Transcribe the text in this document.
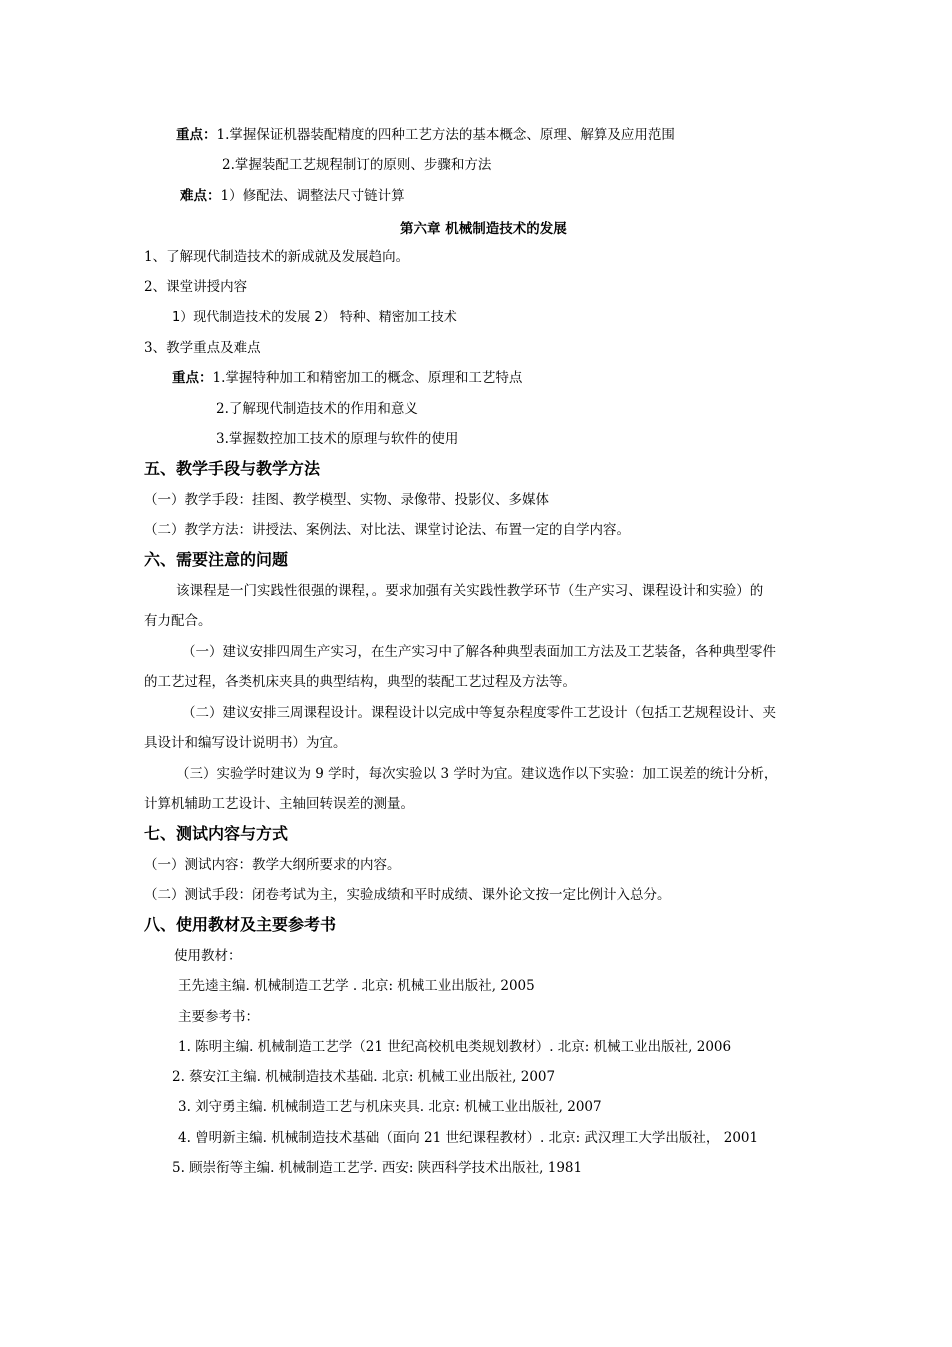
重点：1.掌握保证机器装配精度的四种工艺方法的基本概念、原理、解算及应用范围
2.掌握装配工艺规程制订的原则、步骤和方法
难点：1）修配法、调整法尺寸链计算
第六章 机械制造技术的发展
1、了解现代制造技术的新成就及发展趋向。
2、课堂讲授内容
1）现代制造技术的发展 2） 特种、精密加工技术
3、教学重点及难点
重点：1.掌握特种加工和精密加工的概念、原理和工艺特点
2.了解现代制造技术的作用和意义
3.掌握数控加工技术的原理与软件的使用
五、教学手段与教学方法
（一）教学手段：挂图、教学模型、实物、录像带、投影仪、多媒体
（二）教学方法：讲授法、案例法、对比法、课堂讨论法、布置一定的自学内容。
六、需要注意的问题
该课程是一门实践性很强的课程，。要求加强有关实践性教学环节（生产实习、课程设计和实验）的
有力配合。
（一）建议安排四周生产实习，在生产实习中了解各种典型表面加工方法及工艺装备，各种典型零件
的工艺过程，各类机床夹具的典型结构，典型的装配工艺过程及方法等。
（二）建议安排三周课程设计。课程设计以完成中等复杂程度零件工艺设计（包括工艺规程设计、夹
具设计和编写设计说明书）为宜。
（三）实验学时建议为 9 学时，每次实验以 3 学时为宜。建议选作以下实验：加工误差的统计分析，
计算机辅助工艺设计、主轴回转误差的测量。
七、测试内容与方式
（一）测试内容：教学大纲所要求的内容。
（二）测试手段：闭卷考试为主，实验成绩和平时成绩、课外论文按一定比例计入总分。
八、使用教材及主要参考书
使用教材：
王先逵主编. 机械制造工艺学 . 北京: 机械工业出版社, 2005
主要参考书：
1. 陈明主编. 机械制造工艺学（21 世纪高校机电类规划教材）. 北京: 机械工业出版社, 2006
2. 蔡安江主编. 机械制造技术基础. 北京: 机械工业出版社, 2007
3. 刘守勇主编. 机械制造工艺与机床夹具. 北京: 机械工业出版社, 2007
4. 曾明新主编. 机械制造技术基础（面向 21 世纪课程教材）. 北京: 武汉理工大学出版社， 2001
5. 顾崇衔等主编. 机械制造工艺学. 西安: 陕西科学技术出版社, 1981
